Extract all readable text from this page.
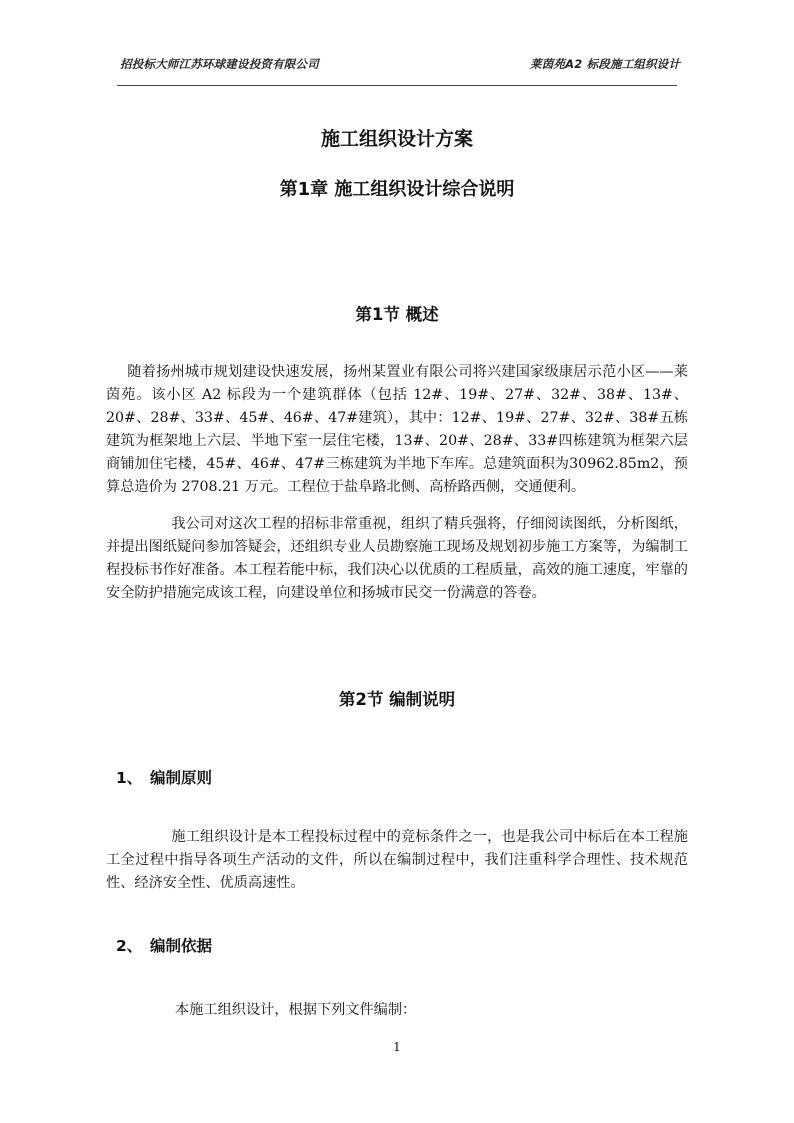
招投标大师江苏环球建设投资有限公司	莱茵苑A2 标段施工组织设计
施工组织设计方案
第1章 施工组织设计综合说明
第1节 概述

随着扬州城市规划建设快速发展，扬州某置业有限公司将兴建国家级康居示范小区——莱茵苑。该小区 A2 标段为一个建筑群体（包括 12#、19#、27#、32#、38#、13#、20#、28#、33#、45#、46#、47#建筑），其中：12#、19#、27#、32#、38#五栋建筑为框架地上六层、半地下室一层住宅楼，13#、20#、28#、33#四栋建筑为框架六层商铺加住宅楼，45#、46#、47#三栋建筑为半地下车库。总建筑面积为30962.85m2，预算总造价为 2708.21 万元。工程位于盐阜路北侧、高桥路西侧，交通便利。

我公司对这次工程的招标非常重视，组织了精兵强将，仔细阅读图纸，分析图纸，并提出图纸疑问参加答疑会，还组织专业人员勘察施工现场及规划初步施工方案等，为编制工程投标书作好准备。本工程若能中标，我们决心以优质的工程质量，高效的施工速度，牢靠的安全防护措施完成该工程，向建设单位和扬城市民交一份满意的答卷。

第2节 编制说明
1、 编制原则

施工组织设计是本工程投标过程中的竞标条件之一，也是我公司中标后在本工程施工全过程中指导各项生产活动的文件，所以在编制过程中，我们注重科学合理性、技术规范性、经济安全性、优质高速性。

2、 编制依据

本施工组织设计，根据下列文件编制：

1
